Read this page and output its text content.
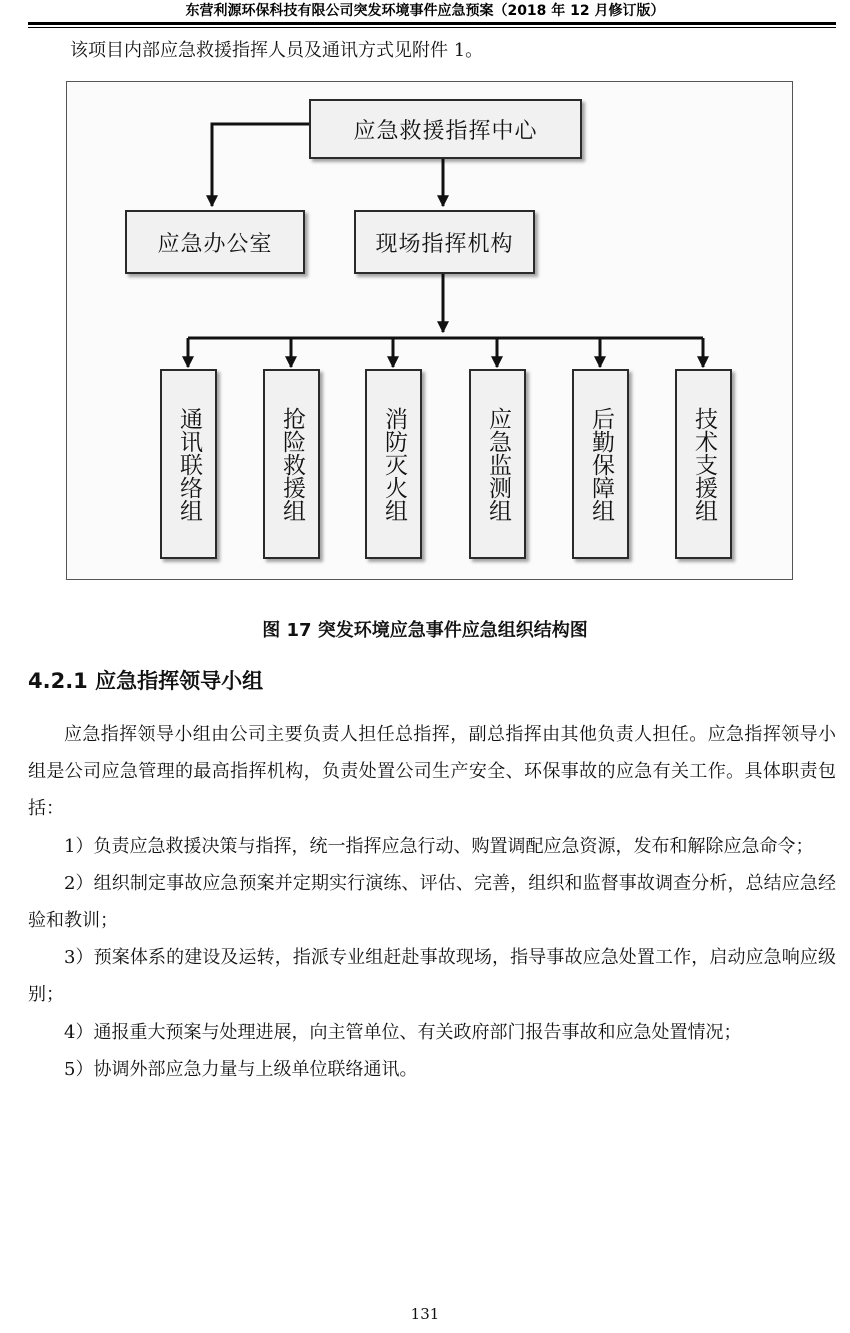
东营利源环保科技有限公司突发环境事件应急预案（2018 年 12 月修订版）
该项目内部应急救援指挥人员及通讯方式见附件 1。
应急救援指挥中心
应急办公室	现场指挥机构
通讯联络组	抢险救援组	消防灭火组	应急监测组	后勤保障组	技术支援组
图 17 突发环境应急事件应急组织结构图
4.2.1 应急指挥领导小组

应急指挥领导小组由公司主要负责人担任总指挥，副总指挥由其他负责人担任。应急指挥领导小组是公司应急管理的最高指挥机构，负责处置公司生产安全、环保事故的应急有关工作。具体职责包括：

1）负责应急救援决策与指挥，统一指挥应急行动、购置调配应急资源，发布和解除应急命令；

2）组织制定事故应急预案并定期实行演练、评估、完善，组织和监督事故调查分析，总结应急经验和教训；

3）预案体系的建设及运转，指派专业组赶赴事故现场，指导事故应急处置工作，启动应急响应级别；

4）通报重大预案与处理进展，向主管单位、有关政府部门报告事故和应急处置情况；

5）协调外部应急力量与上级单位联络通讯。

131
